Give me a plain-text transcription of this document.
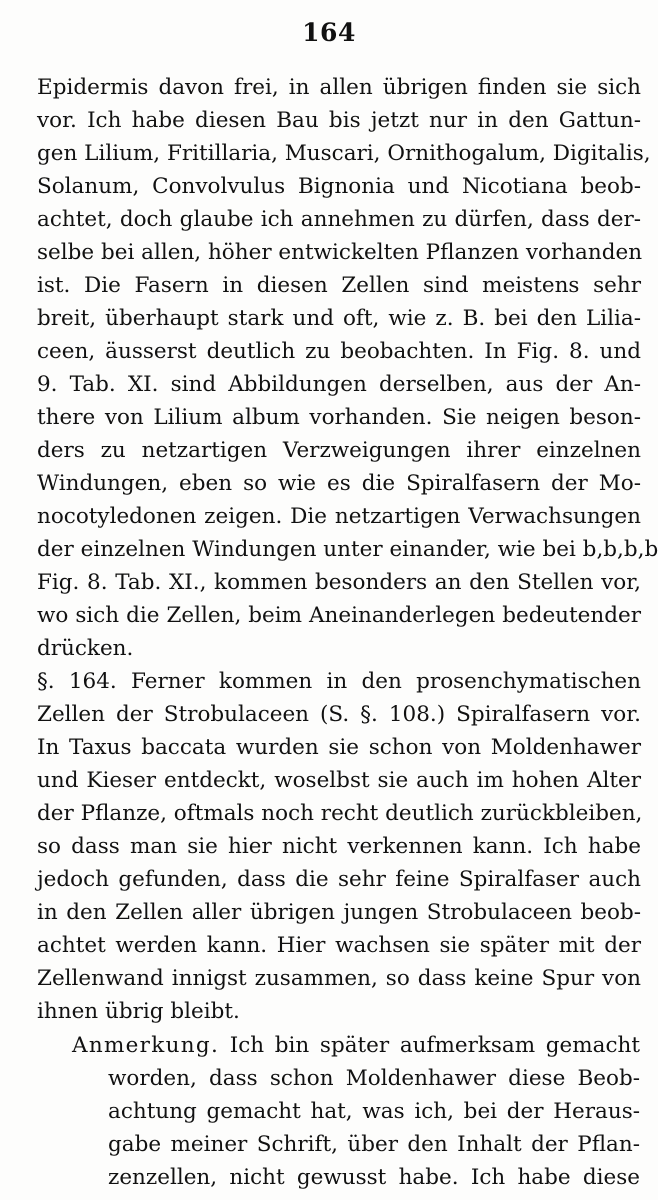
164
Epidermis davon frei, in allen übrigen finden sie sich
vor. Ich habe diesen Bau bis jetzt nur in den Gattun-
gen Lilium, Fritillaria, Muscari, Ornithogalum, Digitalis,
Solanum, Convolvulus Bignonia und Nicotiana beob-
achtet, doch glaube ich annehmen zu dürfen, dass der-
selbe bei allen, höher entwickelten Pflanzen vorhanden
ist. Die Fasern in diesen Zellen sind meistens sehr
breit, überhaupt stark und oft, wie z. B. bei den Lilia-
ceen, äusserst deutlich zu beobachten. In Fig. 8. und
9. Tab. XI. sind Abbildungen derselben, aus der An-
there von Lilium album vorhanden. Sie neigen beson-
ders zu netzartigen Verzweigungen ihrer einzelnen
Windungen, eben so wie es die Spiralfasern der Mo-
nocotyledonen zeigen. Die netzartigen Verwachsungen
der einzelnen Windungen unter einander, wie bei b,b,b,b
Fig. 8. Tab. XI., kommen besonders an den Stellen vor,
wo sich die Zellen, beim Aneinanderlegen bedeutender
drücken.
§. 164. Ferner kommen in den prosenchymatischen
Zellen der Strobulaceen (S. §. 108.) Spiralfasern vor.
In Taxus baccata wurden sie schon von Moldenhawer
und Kieser entdeckt, woselbst sie auch im hohen Alter
der Pflanze, oftmals noch recht deutlich zurückbleiben,
so dass man sie hier nicht verkennen kann. Ich habe
jedoch gefunden, dass die sehr feine Spiralfaser auch
in den Zellen aller übrigen jungen Strobulaceen beob-
achtet werden kann. Hier wachsen sie später mit der
Zellenwand innigst zusammen, so dass keine Spur von
ihnen übrig bleibt.
Anmerkung. Ich bin später aufmerksam gemacht
worden, dass schon Moldenhawer diese Beob-
achtung gemacht hat, was ich, bei der Heraus-
gabe meiner Schrift, über den Inhalt der Pflan-
zenzellen, nicht gewusst habe. Ich habe diese
